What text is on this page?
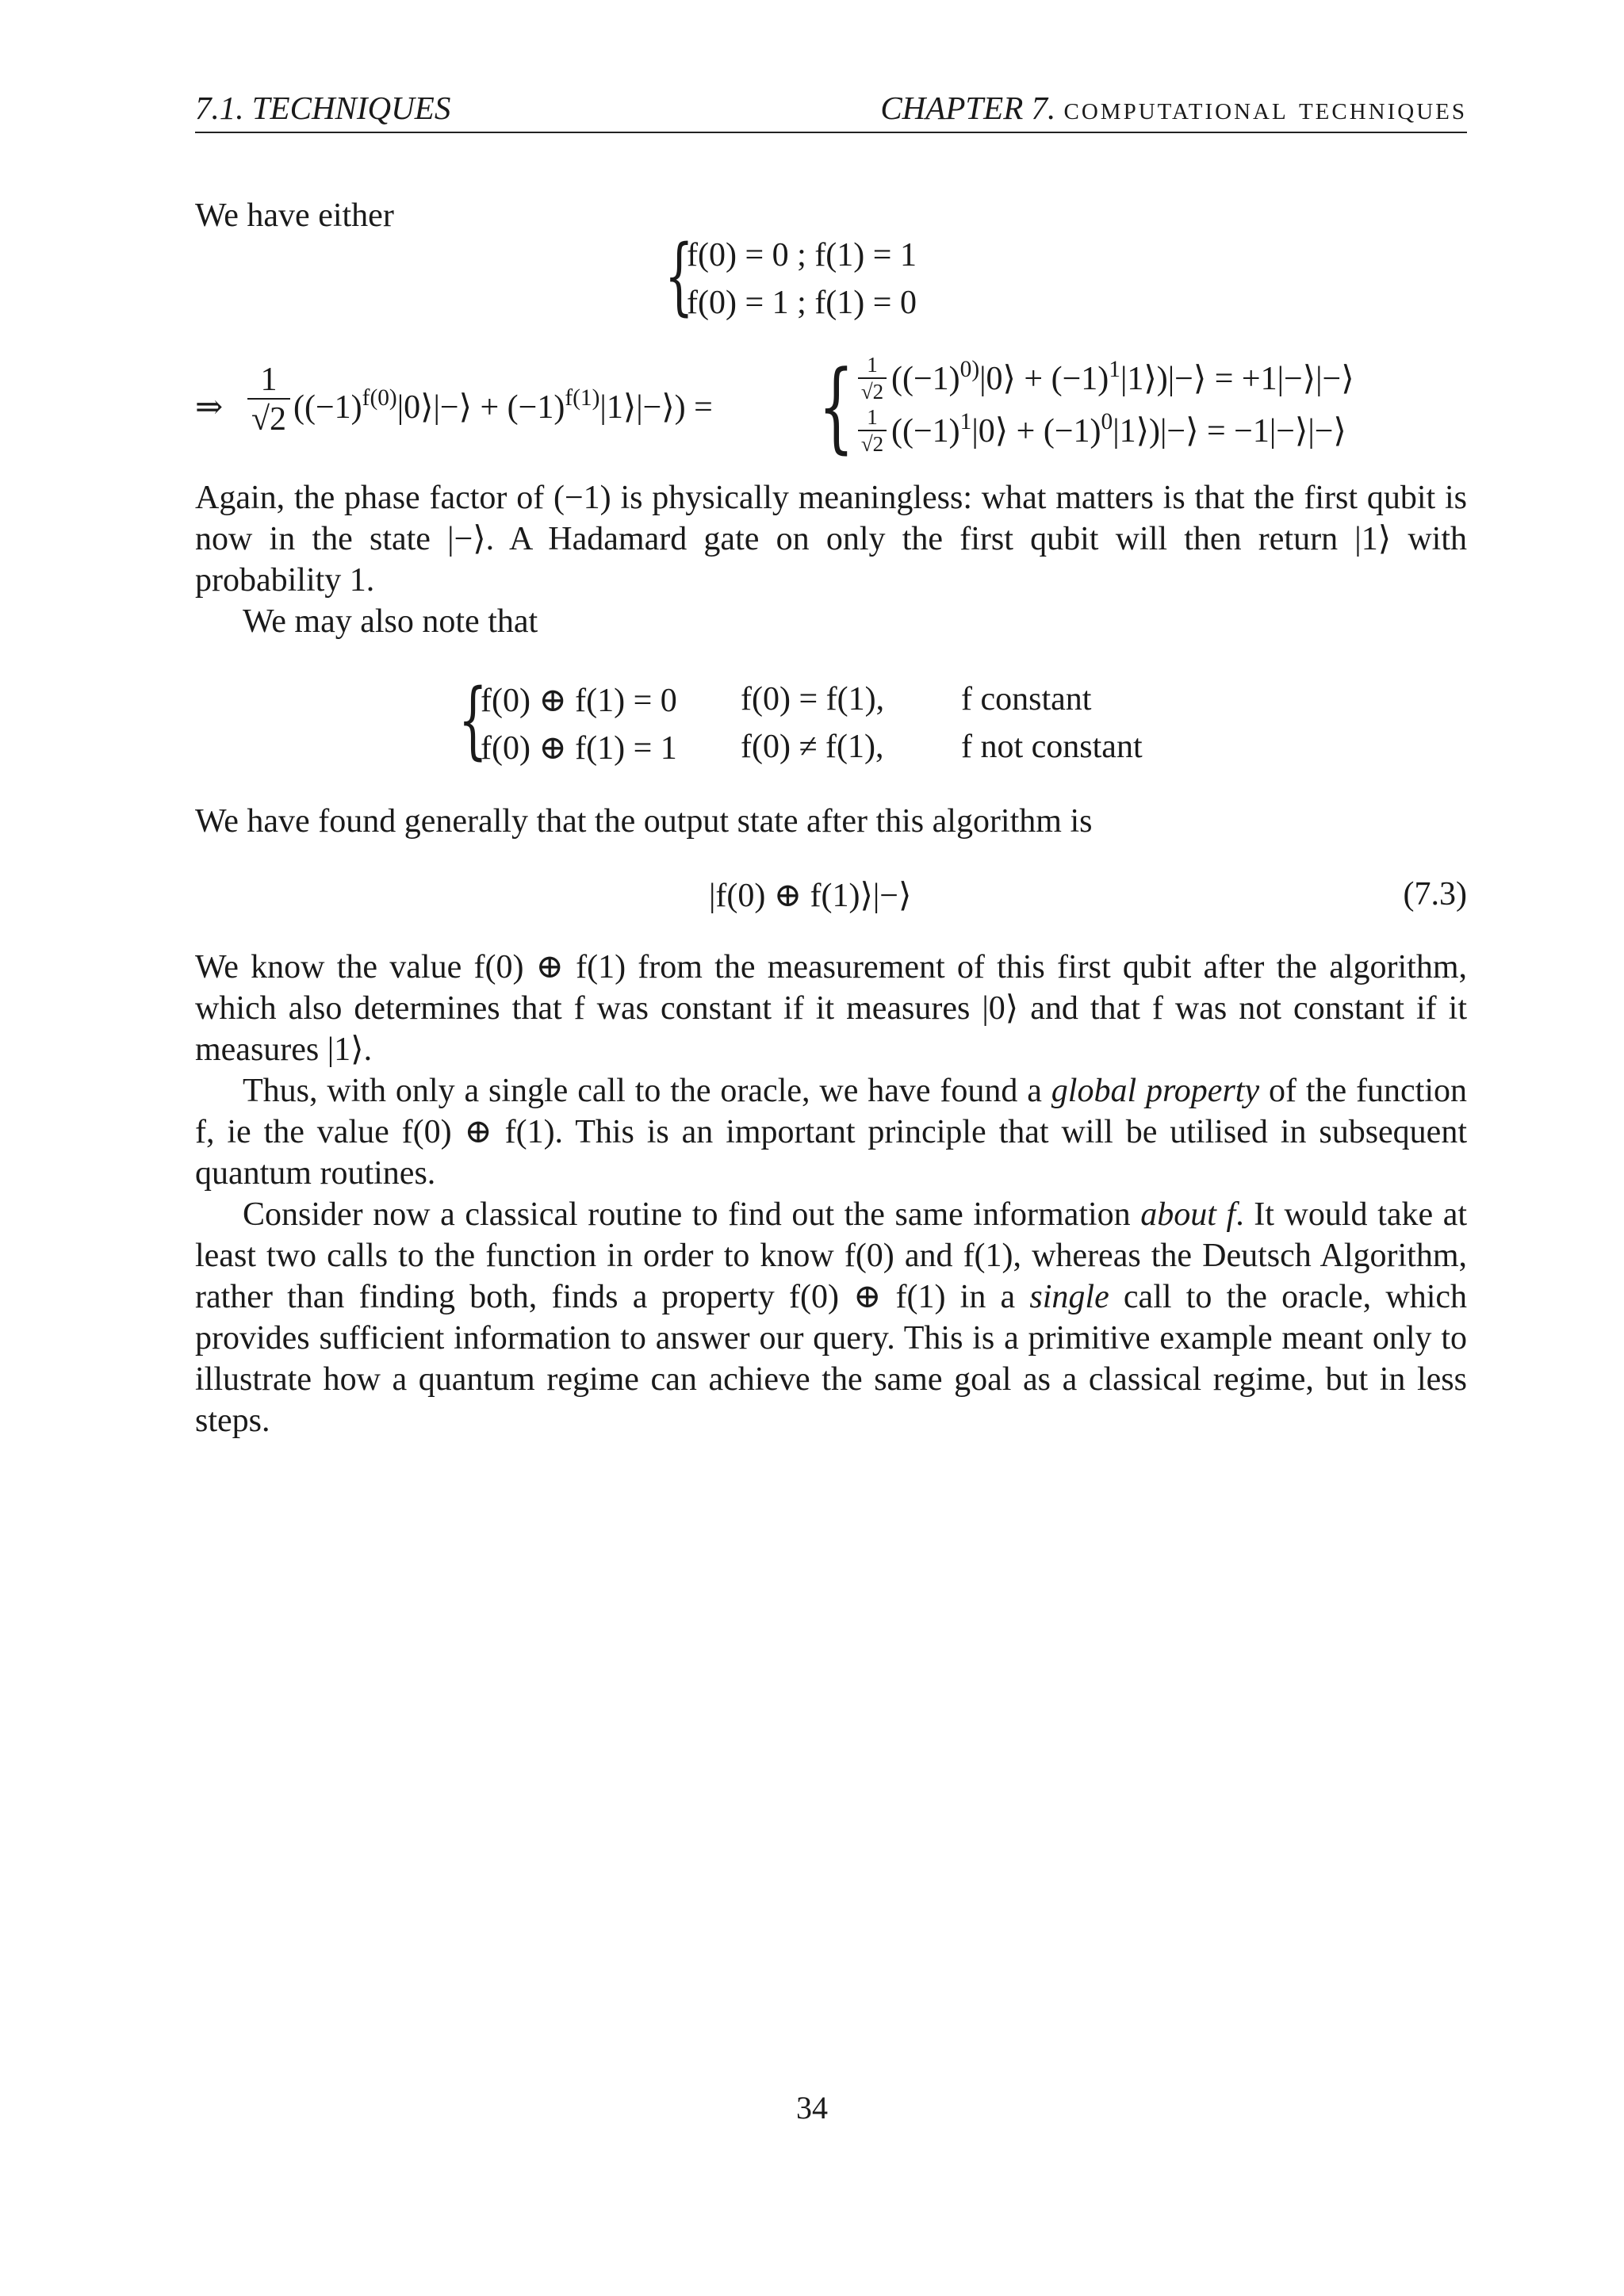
7.1. TECHNIQUES	CHAPTER 7. computational techniques
We have either
{
f(0) = 0 ; f(1) = 1
f(0) = 1 ; f(1) = 0
⇒ $\frac{1}{√2}$ ($(-1)^{f(0)}|0⟩|-⟩$ + $(-1)^{f(1)}|1⟩|-⟩$) = { $\frac{1}{√2}$ ($(-1)^{0)}|0⟩$ + $(-1)^1|1⟩)|-⟩$ = +1|−⟩|−⟩
$\frac{1}{√2}$ ($(-1)^1|0⟩$ + $(-1)^0|1⟩)|-⟩$ = −1|−⟩|−⟩
Again, the phase factor of (−1) is physically meaningless: what matters is that the first qubit is now in the state |−⟩. A Hadamard gate on only the first qubit will then return |1⟩ with probability 1.
We may also note that
{
f(0) ⊕ f(1) = 0 f(0) = f(1), f constant
f(0) ⊕ f(1) = 1 f(0) ≠ f(1), f not constant
We have found generally that the output state after this algorithm is
|f(0) ⊕ f(1)⟩|−⟩	(7.3)
We know the value f(0) ⊕ f(1) from the measurement of this first qubit after the algorithm, which also determines that f was constant if it measures |0⟩ and that f was not constant if it measures |1⟩.
Thus, with only a single call to the oracle, we have found a global property of the function f, ie the value f(0) ⊕ f(1). This is an important principle that will be utilised in subsequent quantum routines.
Consider now a classical routine to find out the same information about f. It would take at least two calls to the function in order to know f(0) and f(1), whereas the Deutsch Algorithm, rather than finding both, finds a property f(0) ⊕ f(1) in a single call to the oracle, which provides sufficient information to answer our query. This is a primitive example meant only to illustrate how a quantum regime can achieve the same goal as a classical regime, but in less steps.
34
